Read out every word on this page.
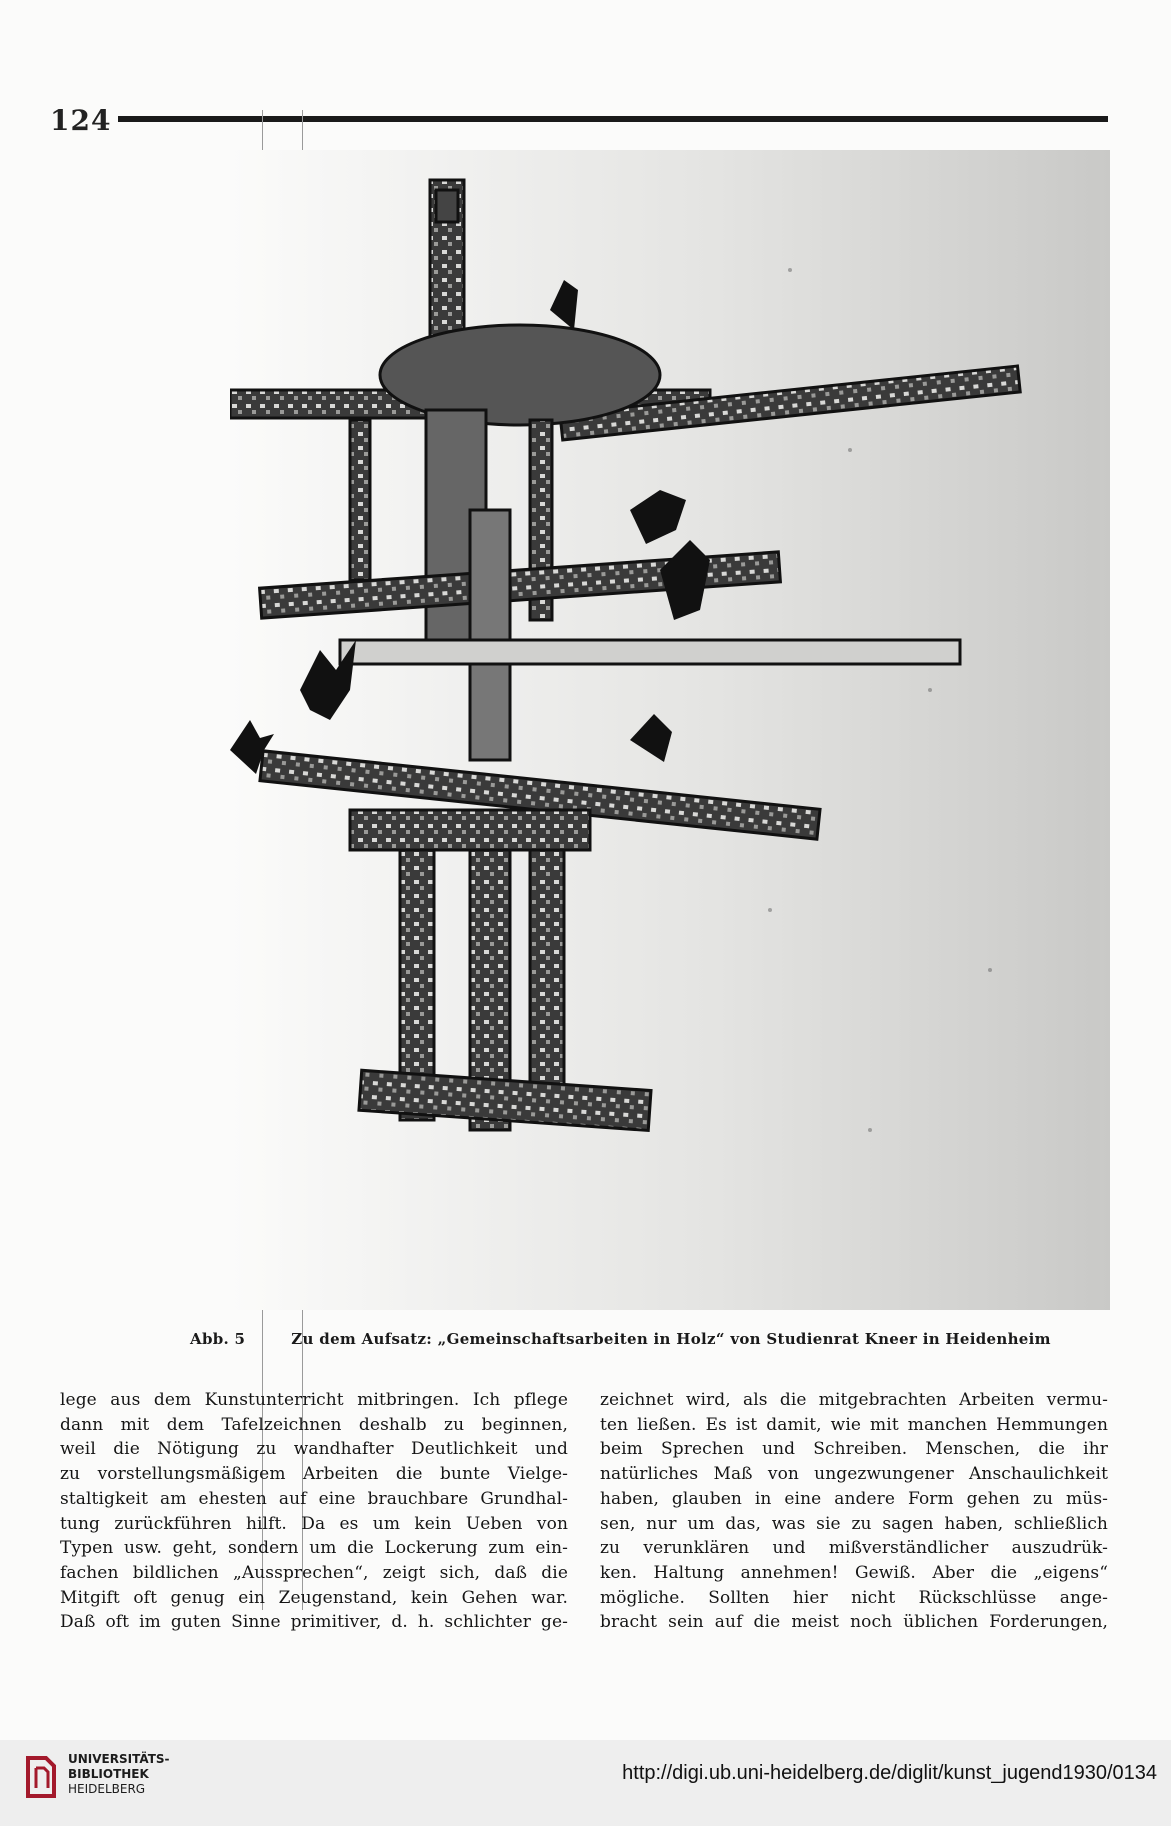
124
Abb. 5	Zu dem Aufsatz: „Gemeinschaftsarbeiten in Holz“ von Studienrat Kneer in Heidenheim
lege aus dem Kunstunterricht mitbringen. Ich pflege
dann mit dem Tafelzeichnen deshalb zu beginnen,
weil die Nötigung zu wandhafter Deutlichkeit und
zu vorstellungsmäßigem Arbeiten die bunte Vielge-
staltigkeit am ehesten auf eine brauchbare Grundhal-
tung zurückführen hilft. Da es um kein Ueben von
Typen usw. geht, sondern um die Lockerung zum ein-
fachen bildlichen „Aussprechen“, zeigt sich, daß die
Mitgift oft genug ein Zeugenstand, kein Gehen war.
Daß oft im guten Sinne primitiver, d. h. schlichter ge-
zeichnet wird, als die mitgebrachten Arbeiten vermu-
ten ließen. Es ist damit, wie mit manchen Hemmungen
beim Sprechen und Schreiben. Menschen, die ihr
natürliches Maß von ungezwungener Anschaulichkeit
haben, glauben in eine andere Form gehen zu müs-
sen, nur um das, was sie zu sagen haben, schließlich
zu verunklären und mißverständlicher auszudrük-
ken. Haltung annehmen! Gewiß. Aber die „eigens“
mögliche. Sollten hier nicht Rückschlüsse ange-
bracht sein auf die meist noch üblichen Forderungen,
UNIVERSITÄTS-
BIBLIOTHEK
HEIDELBERG
http://digi.ub.uni-heidelberg.de/diglit/kunst_jugend1930/0134
